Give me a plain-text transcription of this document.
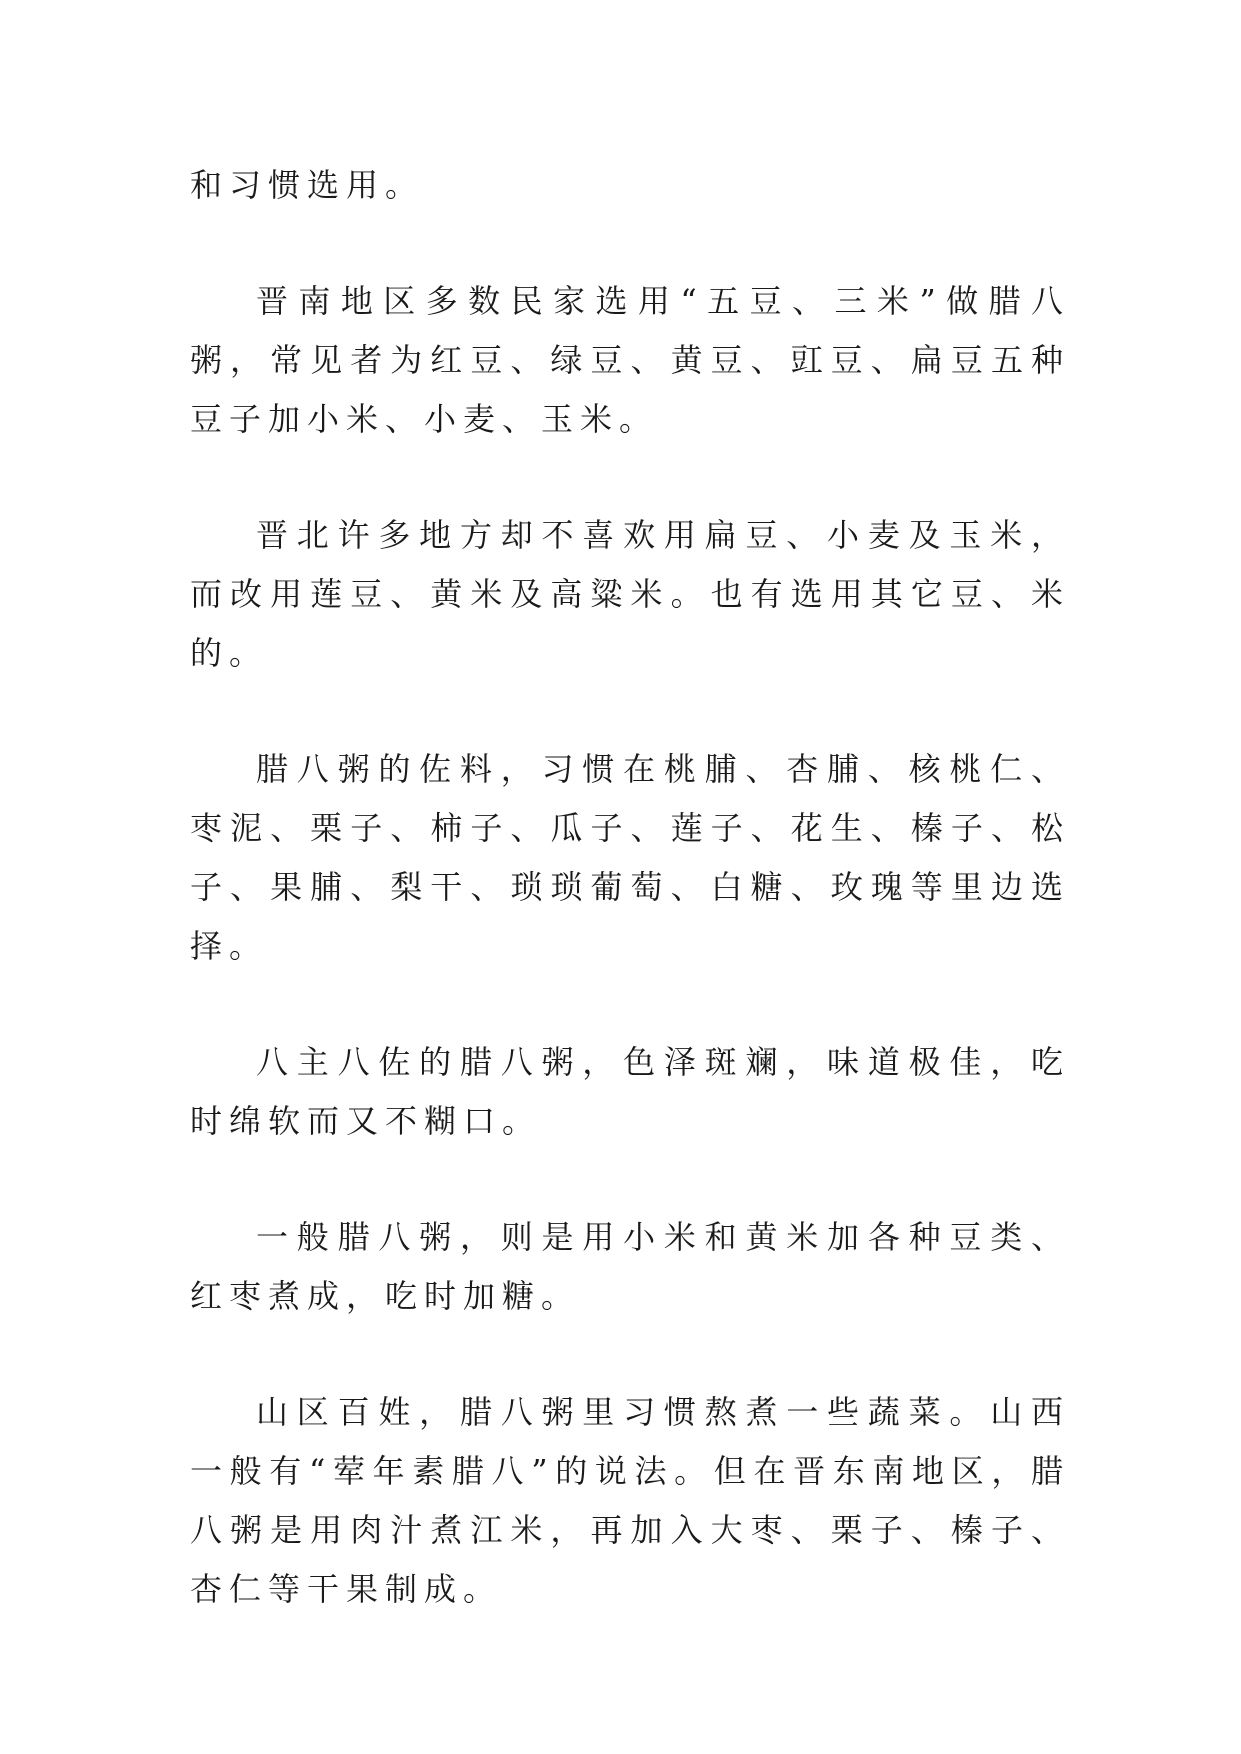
和习惯选用。

晋南地区多数民家选用“五豆、三米”做腊八粥，常见者为红豆、绿豆、黄豆、豇豆、扁豆五种豆子加小米、小麦、玉米。

晋北许多地方却不喜欢用扁豆、小麦及玉米，而改用莲豆、黄米及高粱米。也有选用其它豆、米的。

腊八粥的佐料，习惯在桃脯、杏脯、核桃仁、枣泥、栗子、柿子、瓜子、莲子、花生、榛子、松子、果脯、梨干、琐琐葡萄、白糖、玫瑰等里边选择。

八主八佐的腊八粥，色泽斑斓，味道极佳，吃时绵软而又不糊口。

一般腊八粥，则是用小米和黄米加各种豆类、红枣煮成，吃时加糖。

山区百姓，腊八粥里习惯熬煮一些蔬菜。山西一般有“荤年素腊八”的说法。但在晋东南地区，腊八粥是用肉汁煮江米，再加入大枣、栗子、榛子、杏仁等干果制成。
